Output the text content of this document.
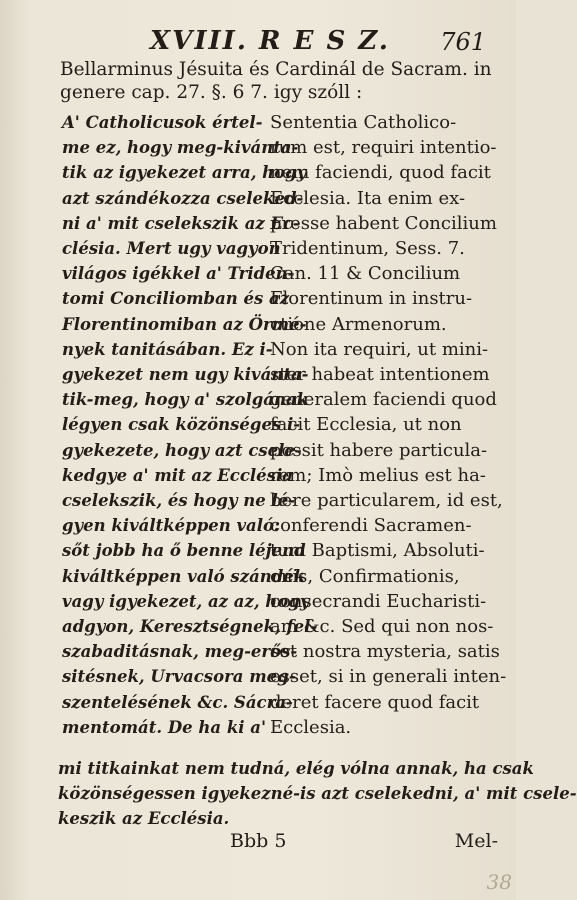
XVIII. R E S Z. 761
Bellarminus Jésuita és Cardinál de Sacram. in
genere cap. 27. §. 6 7. igy szóll :
A' Catholicusok értel-
me ez, hogy meg-kivánta-
tik az igyekezet arra, hogy
azt szándékozza cseleked-
ni a' mit cselekszik az Ec-
clésia. Mert ugy vagyon
világos igékkel a' Triden-
tomi Conciliomban és az
Florentinomiban az Örmé-
nyek tanitásában. Ez i-
gyekezet nem ugy kivánta-
tik-meg, hogy a' szolgának
légyen csak közönséges i-
gyekezete, hogy azt csele-
kedgye a' mit az Ecclésia
cselekszik, és hogy ne lé-
gyen kiváltképpen való:
sőt jobb ha ő benne léjend
kiváltképpen való szándék
vagy igyekezet, az az, hogy
adgyon, Keresztségnek, fel-
szabaditásnak, meg-erős-
sitésnek, Urvacsora meg-
szentelésének &c. Sácra-
mentomát. De ha ki a'
Sententia Catholico-
rum est, requiri intentio-
nem faciendi, quod facit
Ecclesia. Ita enim ex-
presse habent Concilium
Tridentinum, Sess. 7.
Can. 11 & Concilium
Florentinum in instru-
ctione Armenorum.
Non ita requiri, ut mini-
ster habeat intentionem
generalem faciendi quod
facit Ecclesia, ut non
possit habere particula-
rem; Imò melius est ha-
bere particularem, id est,
conferendi Sacramen-
tum Baptismi, Absoluti-
onis, Confirmationis,
consecrandi Eucharisti-
am &c. Sed qui non nos-
set nostra mysteria, satis
esset, si in generali inten-
deret facere quod facit
Ecclesia.
mi titkainkat nem tudná, elég vólna annak, ha csak
közönségessen igyekezné-is azt cselekedni, a' mit csele-
keszik az Ecclésia.
Bbb 5	Mel-
38
